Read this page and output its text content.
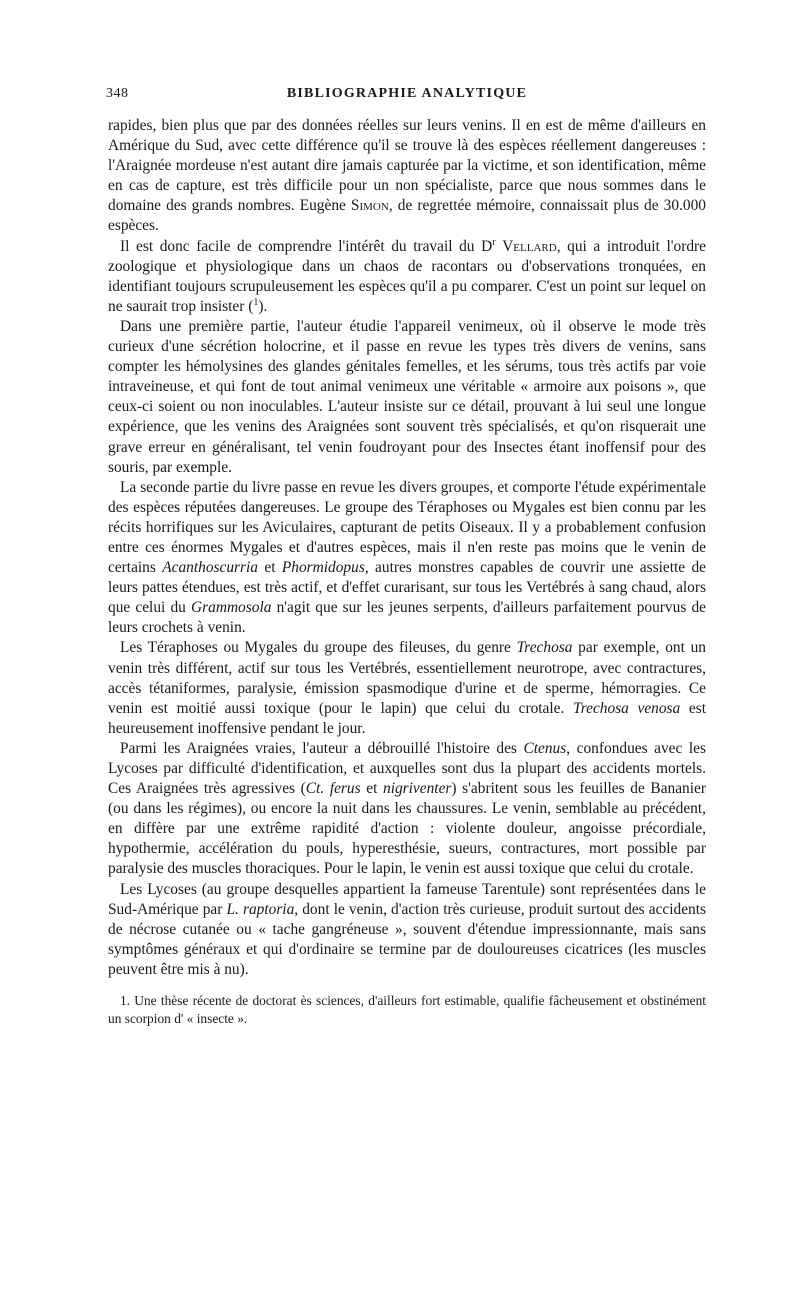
348	BIBLIOGRAPHIE ANALYTIQUE

rapides, bien plus que par des données réelles sur leurs venins. Il en est de même d'ailleurs en Amérique du Sud, avec cette différence qu'il se trouve là des espèces réellement dangereuses : l'Araignée mordeuse n'est autant dire jamais capturée par la victime, et son identification, même en cas de capture, est très difficile pour un non spécialiste, parce que nous sommes dans le domaine des grands nombres. Eugène Simon, de regrettée mémoire, connaissait plus de 30.000 espèces.

Il est donc facile de comprendre l'intérêt du travail du $D^r$ Vellard, qui a introduit l'ordre zoologique et physiologique dans un chaos de racontars ou d'observations tronquées, en identifiant toujours scrupuleusement les espèces qu'il a pu comparer. C'est un point sur lequel on ne saurait trop insister ($^1$).

Dans une première partie, l'auteur étudie l'appareil venimeux, où il observe le mode très curieux d'une sécrétion holocrine, et il passe en revue les types très divers de venins, sans compter les hémolysines des glandes génitales femelles, et les sérums, tous très actifs par voie intraveineuse, et qui font de tout animal venimeux une véritable « armoire aux poisons », que ceux-ci soient ou non inoculables. L'auteur insiste sur ce détail, prouvant à lui seul une longue expérience, que les venins des Araignées sont souvent très spécialisés, et qu'on risquerait une grave erreur en généralisant, tel venin foudroyant pour des Insectes étant inoffensif pour des souris, par exemple.

La seconde partie du livre passe en revue les divers groupes, et comporte l'étude expérimentale des espèces réputées dangereuses. Le groupe des Téraphoses ou Mygales est bien connu par les récits horrifiques sur les Aviculaires, capturant de petits Oiseaux. Il y a probablement confusion entre ces énormes Mygales et d'autres espèces, mais il n'en reste pas moins que le venin de certains Acanthoscurria et Phormidopus, autres monstres capables de couvrir une assiette de leurs pattes étendues, est très actif, et d'effet curarisant, sur tous les Vertébrés à sang chaud, alors que celui du Grammosola n'agit que sur les jeunes serpents, d'ailleurs parfaitement pourvus de leurs crochets à venin.

Les Téraphoses ou Mygales du groupe des fileuses, du genre Trechosa par exemple, ont un venin très différent, actif sur tous les Vertébrés, essentiellement neurotrope, avec contractures, accès tétaniformes, paralysie, émission spasmodique d'urine et de sperme, hémorragies. Ce venin est moitié aussi toxique (pour le lapin) que celui du crotale. Trechosa venosa est heureusement inoffensive pendant le jour.

Parmi les Araignées vraies, l'auteur a débrouillé l'histoire des Ctenus, confondues avec les Lycoses par difficulté d'identification, et auxquelles sont dus la plupart des accidents mortels. Ces Araignées très agressives (Ct. ferus et nigriventer) s'abritent sous les feuilles de Bananier (ou dans les régimes), ou encore la nuit dans les chaussures. Le venin, semblable au précédent, en diffère par une extrême rapidité d'action : violente douleur, angoisse précordiale, hypothermie, accélération du pouls, hyperesthésie, sueurs, contractures, mort possible par paralysie des muscles thoraciques. Pour le lapin, le venin est aussi toxique que celui du crotale.

Les Lycoses (au groupe desquelles appartient la fameuse Tarentule) sont représentées dans le Sud-Amérique par L. raptoria, dont le venin, d'action très curieuse, produit surtout des accidents de nécrose cutanée ou « tache gangréneuse », souvent d'étendue impressionnante, mais sans symptômes généraux et qui d'ordinaire se termine par de douloureuses cicatrices (les muscles peuvent être mis à nu).

1. Une thèse récente de doctorat ès sciences, d'ailleurs fort estimable, qualifie fâcheusement et obstinément un scorpion d' « insecte ».
